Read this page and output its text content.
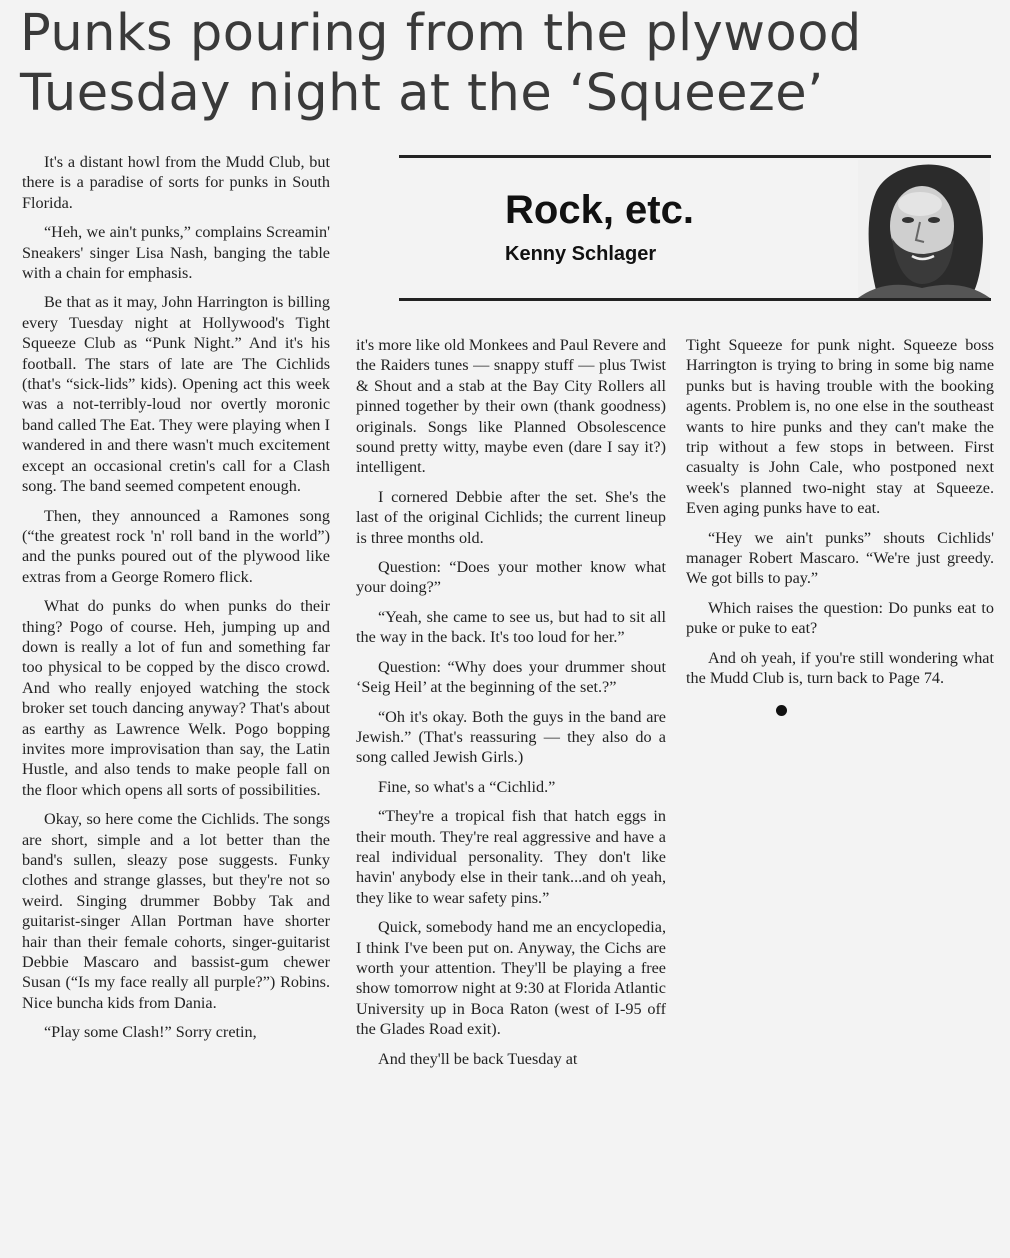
Punks pouring from the plywood
Tuesday night at the ‘Squeeze’
Rock, etc.
Kenny Schlager

It's a distant howl from the Mudd Club, but there is a paradise of sorts for punks in South Florida.

“Heh, we ain't punks,” complains Screamin' Sneakers' singer Lisa Nash, banging the table with a chain for emphasis.

Be that as it may, John Harrington is billing every Tuesday night at Hollywood's Tight Squeeze Club as “Punk Night.” And it's his football. The stars of late are The Cichlids (that's “sick-lids” kids). Opening act this week was a not-terribly-loud nor overtly moronic band called The Eat. They were playing when I wandered in and there wasn't much excitement except an occasional cretin's call for a Clash song. The band seemed competent enough.

Then, they announced a Ramones song (“the greatest rock 'n' roll band in the world”) and the punks poured out of the plywood like extras from a George Romero flick.

What do punks do when punks do their thing? Pogo of course. Heh, jumping up and down is really a lot of fun and something far too physical to be copped by the disco crowd. And who really enjoyed watching the stock broker set touch dancing anyway? That's about as earthy as Lawrence Welk. Pogo bopping invites more improvisation than say, the Latin Hustle, and also tends to make people fall on the floor which opens all sorts of possibilities.

Okay, so here come the Cichlids. The songs are short, simple and a lot better than the band's sullen, sleazy pose suggests. Funky clothes and strange glasses, but they're not so weird. Singing drummer Bobby Tak and guitarist-singer Allan Portman have shorter hair than their female cohorts, singer-guitarist Debbie Mascaro and bassist-gum chewer Susan (“Is my face really all purple?”) Robins. Nice buncha kids from Dania.

“Play some Clash!” Sorry cretin,

it's more like old Monkees and Paul Revere and the Raiders tunes — snappy stuff — plus Twist & Shout and a stab at the Bay City Rollers all pinned together by their own (thank goodness) originals. Songs like Planned Obsolescence sound pretty witty, maybe even (dare I say it?) intelligent.

I cornered Debbie after the set. She's the last of the original Cichlids; the current lineup is three months old.

Question: “Does your mother know what your doing?”

“Yeah, she came to see us, but had to sit all the way in the back. It's too loud for her.”

Question: “Why does your drummer shout ‘Seig Heil’ at the beginning of the set.?”

“Oh it's okay. Both the guys in the band are Jewish.” (That's reassuring — they also do a song called Jewish Girls.)

Fine, so what's a “Cichlid.”

“They're a tropical fish that hatch eggs in their mouth. They're real aggressive and have a real individual personality. They don't like havin' anybody else in their tank...and oh yeah, they like to wear safety pins.”

Quick, somebody hand me an encyclopedia, I think I've been put on. Anyway, the Cichs are worth your attention. They'll be playing a free show tomorrow night at 9:30 at Florida Atlantic University up in Boca Raton (west of I-95 off the Glades Road exit).

And they'll be back Tuesday at

Tight Squeeze for punk night. Squeeze boss Harrington is trying to bring in some big name punks but is having trouble with the booking agents. Problem is, no one else in the southeast wants to hire punks and they can't make the trip without a few stops in between. First casualty is John Cale, who postponed next week's planned two-night stay at Squeeze. Even aging punks have to eat.

“Hey we ain't punks” shouts Cichlids' manager Robert Mascaro. “We're just greedy. We got bills to pay.”

Which raises the question: Do punks eat to puke or puke to eat?

And oh yeah, if you're still wondering what the Mudd Club is, turn back to Page 74.
